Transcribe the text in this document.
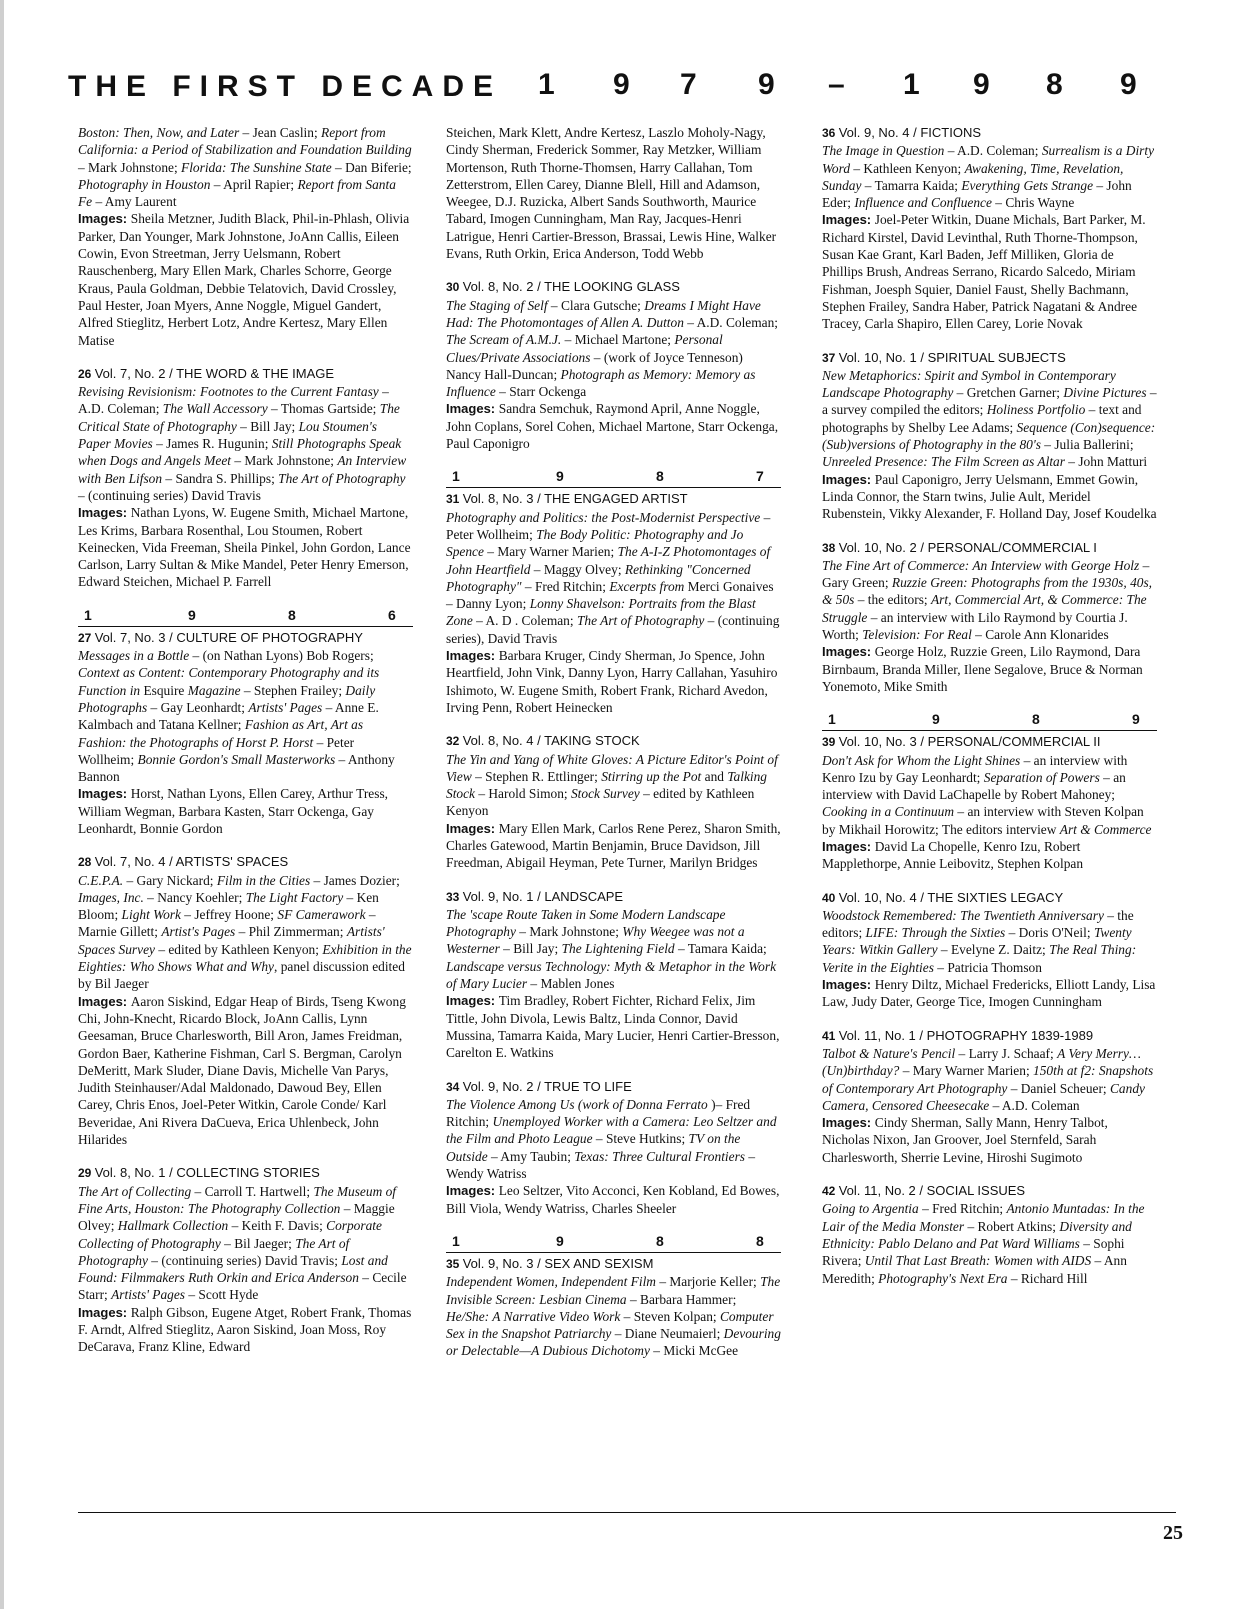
THE FIRST DECADE 1 9 7 9 – 1 9 8 9
Boston: Then, Now, and Later – Jean Caslin; Report from California: a Period of Stabilization and Foundation Building – Mark Johnstone; Florida: The Sunshine State – Dan Biferie; Photography in Houston – April Rapier; Report from Santa Fe – Amy Laurent
Images: Sheila Metzner, Judith Black, Phil-in-Phlash, Olivia Parker, Dan Younger, Mark Johnstone, JoAnn Callis, Eileen Cowin, Evon Streetman, Jerry Uelsmann, Robert Rauschenberg, Mary Ellen Mark, Charles Schorre, George Kraus, Paula Goldman, Debbie Telatovich, David Crossley, Paul Hester, Joan Myers, Anne Noggle, Miguel Gandert, Alfred Stieglitz, Herbert Lotz, Andre Kertesz, Mary Ellen Matise
26 Vol. 7, No. 2 / THE WORD & THE IMAGE
Revising Revisionism: Footnotes to the Current Fantasy – A.D. Coleman; The Wall Accessory – Thomas Gartside; The Critical State of Photography – Bill Jay; Lou Stoumen's Paper Movies – James R. Hugunin; Still Photographs Speak when Dogs and Angels Meet – Mark Johnstone; An Interview with Ben Lifson – Sandra S. Phillips; The Art of Photography – (continuing series) David Travis
Images: Nathan Lyons, W. Eugene Smith, Michael Martone, Les Krims, Barbara Rosenthal, Lou Stoumen, Robert Keinecken, Vida Freeman, Sheila Pinkel, John Gordon, Lance Carlson, Larry Sultan & Mike Mandel, Peter Henry Emerson, Edward Steichen, Michael P. Farrell
1	9	8	6
27 Vol. 7, No. 3 / CULTURE OF PHOTOGRAPHY
Messages in a Bottle – (on Nathan Lyons) Bob Rogers; Context as Content: Contemporary Photography and its Function in Esquire Magazine – Stephen Frailey; Daily Photographs – Gay Leonhardt; Artists' Pages – Anne E. Kalmbach and Tatana Kellner; Fashion as Art, Art as Fashion: the Photographs of Horst P. Horst – Peter Wollheim; Bonnie Gordon's Small Masterworks – Anthony Bannon
Images: Horst, Nathan Lyons, Ellen Carey, Arthur Tress, William Wegman, Barbara Kasten, Starr Ockenga, Gay Leonhardt, Bonnie Gordon
28 Vol. 7, No. 4 / ARTISTS' SPACES
C.E.P.A. – Gary Nickard; Film in the Cities – James Dozier; Images, Inc. – Nancy Koehler; The Light Factory – Ken Bloom; Light Work – Jeffrey Hoone; SF Camerawork – Marnie Gillett; Artist's Pages – Phil Zimmerman; Artists' Spaces Survey – edited by Kathleen Kenyon; Exhibition in the Eighties: Who Shows What and Why, panel discussion edited by Bil Jaeger
Images: Aaron Siskind, Edgar Heap of Birds, Tseng Kwong Chi, John-Knecht, Ricardo Block, JoAnn Callis, Lynn Geesaman, Bruce Charlesworth, Bill Aron, James Freidman, Gordon Baer, Katherine Fishman, Carl S. Bergman, Carolyn DeMeritt, Mark Sluder, Diane Davis, Michelle Van Parys, Judith Steinhauser/Adal Maldonado, Dawoud Bey, Ellen Carey, Chris Enos, Joel-Peter Witkin, Carole Conde/ Karl Beveridae, Ani Rivera DaCueva, Erica Uhlenbeck, John Hilarides
29 Vol. 8, No. 1 / COLLECTING STORIES
The Art of Collecting – Carroll T. Hartwell; The Museum of Fine Arts, Houston: The Photography Collection – Maggie Olvey; Hallmark Collection – Keith F. Davis; Corporate Collecting of Photography – Bil Jaeger; The Art of Photography – (continuing series) David Travis; Lost and Found: Filmmakers Ruth Orkin and Erica Anderson – Cecile Starr; Artists' Pages – Scott Hyde
Images: Ralph Gibson, Eugene Atget, Robert Frank, Thomas F. Arndt, Alfred Stieglitz, Aaron Siskind, Joan Moss, Roy DeCarava, Franz Kline, Edward
Steichen, Mark Klett, Andre Kertesz, Laszlo Moholy-Nagy, Cindy Sherman, Frederick Sommer, Ray Metzker, William Mortenson, Ruth Thorne-Thomsen, Harry Callahan, Tom Zetterstrom, Ellen Carey, Dianne Blell, Hill and Adamson, Weegee, D.J. Ruzicka, Albert Sands Southworth, Maurice Tabard, Imogen Cunningham, Man Ray, Jacques-Henri Latrigue, Henri Cartier-Bresson, Brassai, Lewis Hine, Walker Evans, Ruth Orkin, Erica Anderson, Todd Webb
30 Vol. 8, No. 2 / THE LOOKING GLASS
The Staging of Self – Clara Gutsche; Dreams I Might Have Had: The Photomontages of Allen A. Dutton – A.D. Coleman; The Scream of A.M.J. – Michael Martone; Personal Clues/Private Associations – (work of Joyce Tenneson) Nancy Hall-Duncan; Photograph as Memory: Memory as Influence – Starr Ockenga
Images: Sandra Semchuk, Raymond April, Anne Noggle, John Coplans, Sorel Cohen, Michael Martone, Starr Ockenga, Paul Caponigro
1	9	8	7
31 Vol. 8, No. 3 / THE ENGAGED ARTIST
Photography and Politics: the Post-Modernist Perspective – Peter Wollheim; The Body Politic: Photography and Jo Spence – Mary Warner Marien; The A-I-Z Photomontages of John Heartfield – Maggy Olvey; Rethinking "Concerned Photography" – Fred Ritchin; Excerpts from Merci Gonaives – Danny Lyon; Lonny Shavelson: Portraits from the Blast Zone – A. D . Coleman; The Art of Photography – (continuing series), David Travis
Images: Barbara Kruger, Cindy Sherman, Jo Spence, John Heartfield, John Vink, Danny Lyon, Harry Callahan, Yasuhiro Ishimoto, W. Eugene Smith, Robert Frank, Richard Avedon, Irving Penn, Robert Heinecken
32 Vol. 8, No. 4 / TAKING STOCK
The Yin and Yang of White Gloves: A Picture Editor's Point of View – Stephen R. Ettlinger; Stirring up the Pot and Talking Stock – Harold Simon; Stock Survey – edited by Kathleen Kenyon
Images: Mary Ellen Mark, Carlos Rene Perez, Sharon Smith, Charles Gatewood, Martin Benjamin, Bruce Davidson, Jill Freedman, Abigail Heyman, Pete Turner, Marilyn Bridges
33 Vol. 9, No. 1 / LANDSCAPE
The 'scape Route Taken in Some Modern Landscape Photography – Mark Johnstone; Why Weegee was not a Westerner – Bill Jay; The Lightening Field – Tamara Kaida; Landscape versus Technology: Myth & Metaphor in the Work of Mary Lucier – Mablen Jones
Images: Tim Bradley, Robert Fichter, Richard Felix, Jim Tittle, John Divola, Lewis Baltz, Linda Connor, David Mussina, Tamarra Kaida, Mary Lucier, Henri Cartier-Bresson, Carelton E. Watkins
34 Vol. 9, No. 2 / TRUE TO LIFE
The Violence Among Us (work of Donna Ferrato )– Fred Ritchin; Unemployed Worker with a Camera: Leo Seltzer and the Film and Photo League – Steve Hutkins; TV on the Outside – Amy Taubin; Texas: Three Cultural Frontiers – Wendy Watriss
Images: Leo Seltzer, Vito Acconci, Ken Kobland, Ed Bowes, Bill Viola, Wendy Watriss, Charles Sheeler
1	9	8	8
35 Vol. 9, No. 3 / SEX AND SEXISM
Independent Women, Independent Film – Marjorie Keller; The Invisible Screen: Lesbian Cinema – Barbara Hammer; He/She: A Narrative Video Work – Steven Kolpan; Computer Sex in the Snapshot Patriarchy – Diane Neumaierl; Devouring or Delectable—A Dubious Dichotomy – Micki McGee
36 Vol. 9, No. 4 / FICTIONS
The Image in Question – A.D. Coleman; Surrealism is a Dirty Word – Kathleen Kenyon; Awakening, Time, Revelation, Sunday – Tamarra Kaida; Everything Gets Strange – John Eder; Influence and Confluence – Chris Wayne
Images: Joel-Peter Witkin, Duane Michals, Bart Parker, M. Richard Kirstel, David Levinthal, Ruth Thorne-Thompson, Susan Kae Grant, Karl Baden, Jeff Milliken, Gloria de Phillips Brush, Andreas Serrano, Ricardo Salcedo, Miriam Fishman, Joesph Squier, Daniel Faust, Shelly Bachmann, Stephen Frailey, Sandra Haber, Patrick Nagatani & Andree Tracey, Carla Shapiro, Ellen Carey, Lorie Novak
37 Vol. 10, No. 1 / SPIRITUAL SUBJECTS
New Metaphorics: Spirit and Symbol in Contemporary Landscape Photography – Gretchen Garner; Divine Pictures – a survey compiled the editors; Holiness Portfolio – text and photographs by Shelby Lee Adams; Sequence (Con)sequence: (Sub)versions of Photography in the 80's – Julia Ballerini; Unreeled Presence: The Film Screen as Altar – John Matturi
Images: Paul Caponigro, Jerry Uelsmann, Emmet Gowin, Linda Connor, the Starn twins, Julie Ault, Meridel Rubenstein, Vikky Alexander, F. Holland Day, Josef Koudelka
38 Vol. 10, No. 2 / PERSONAL/COMMERCIAL I
The Fine Art of Commerce: An Interview with George Holz – Gary Green; Ruzzie Green: Photographs from the 1930s, 40s, & 50s – the editors; Art, Commercial Art, & Commerce: The Struggle – an interview with Lilo Raymond by Courtia J. Worth; Television: For Real – Carole Ann Klonarides
Images: George Holz, Ruzzie Green, Lilo Raymond, Dara Birnbaum, Branda Miller, Ilene Segalove, Bruce & Norman Yonemoto, Mike Smith
1	9	8	9
39 Vol. 10, No. 3 / PERSONAL/COMMERCIAL II
Don't Ask for Whom the Light Shines – an interview with Kenro Izu by Gay Leonhardt; Separation of Powers – an interview with David LaChapelle by Robert Mahoney; Cooking in a Continuum – an interview with Steven Kolpan by Mikhail Horowitz; The editors interview Art & Commerce
Images: David La Chopelle, Kenro Izu, Robert Mapplethorpe, Annie Leibovitz, Stephen Kolpan
40 Vol. 10, No. 4 / THE SIXTIES LEGACY
Woodstock Remembered: The Twentieth Anniversary – the editors; LIFE: Through the Sixties – Doris O'Neil; Twenty Years: Witkin Gallery – Evelyne Z. Daitz; The Real Thing: Verite in the Eighties – Patricia Thomson
Images: Henry Diltz, Michael Fredericks, Elliott Landy, Lisa Law, Judy Dater, George Tice, Imogen Cunningham
41 Vol. 11, No. 1 / PHOTOGRAPHY 1839-1989
Talbot & Nature's Pencil – Larry J. Schaaf; A Very Merry…(Un)birthday? – Mary Warner Marien; 150th at f2: Snapshots of Contemporary Art Photography – Daniel Scheuer; Candy Camera, Censored Cheesecake – A.D. Coleman
Images: Cindy Sherman, Sally Mann, Henry Talbot, Nicholas Nixon, Jan Groover, Joel Sternfeld, Sarah Charlesworth, Sherrie Levine, Hiroshi Sugimoto
42 Vol. 11, No. 2 / SOCIAL ISSUES
Going to Argentia – Fred Ritchin; Antonio Muntadas: In the Lair of the Media Monster – Robert Atkins; Diversity and Ethnicity: Pablo Delano and Pat Ward Williams – Sophi Rivera; Until That Last Breath: Women with AIDS – Ann Meredith; Photography's Next Era – Richard Hill
25
